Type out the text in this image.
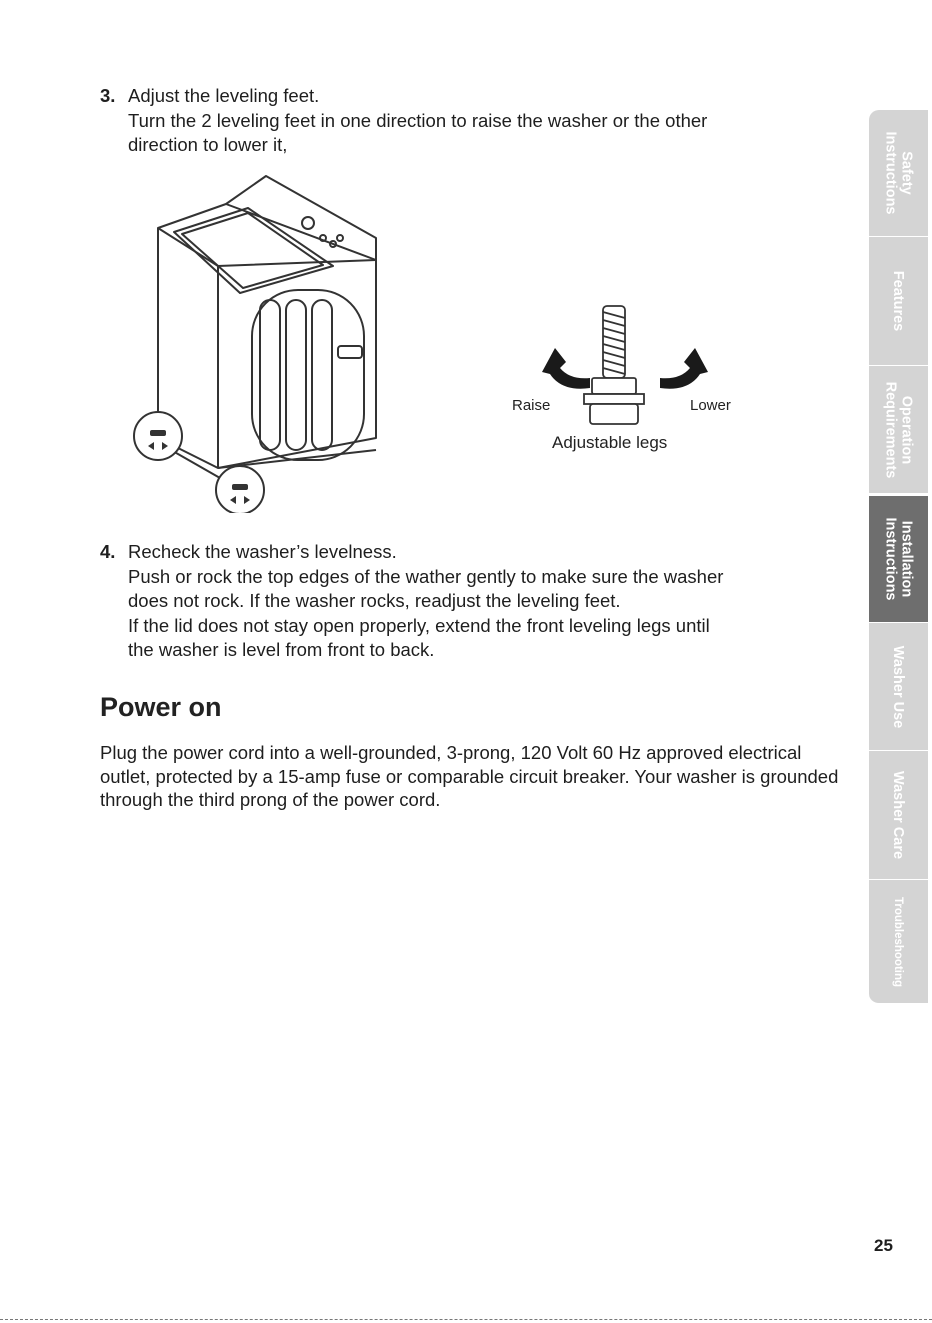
3. Adjust the leveling feet.

Turn the 2 leveling feet in one direction to raise the washer or the other

direction to lower it,

Raise	Lower
Adjustable legs
4. Recheck the washer’s levelness.

Push or rock the top edges of the wather gently to make sure the washer

does not rock. If the washer rocks, readjust the leveling feet.

If the lid does not stay open properly, extend the front leveling legs until

the washer is level from front to back.

Power on

Plug the power cord into a well-grounded, 3-prong, 120 Volt 60 Hz approved electrical outlet, protected by a 15-amp fuse or comparable circuit breaker. Your washer is grounded through the third prong of the power cord.

Safety
Instructions
Features
Operation
Requirements
Installation
Instructions
Washer Use
Washer Care
Troubleshooting
25
